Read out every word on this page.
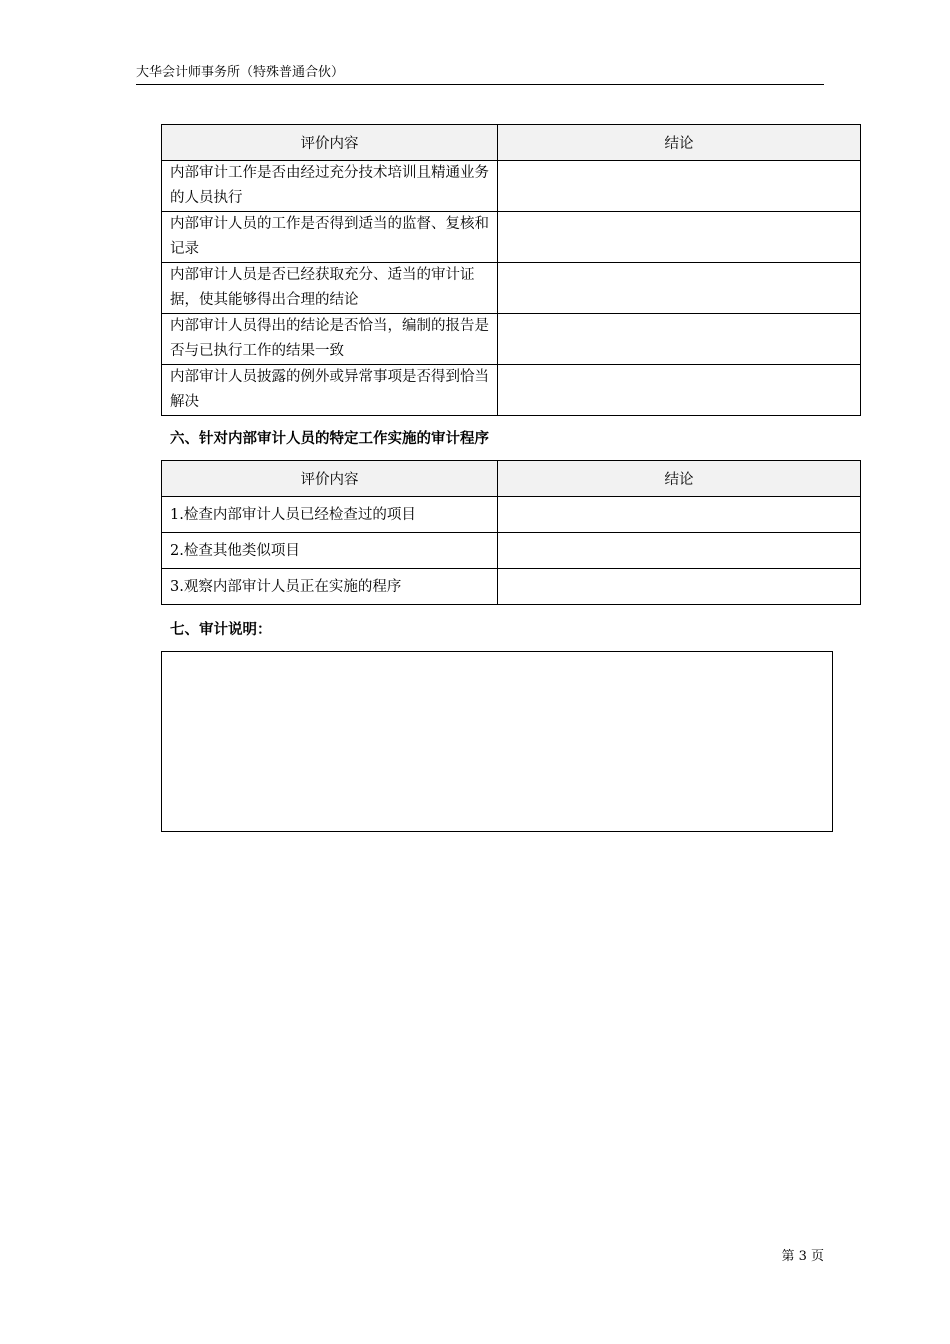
大华会计师事务所（特殊普通合伙）
评价内容	结论
内部审计工作是否由经过充分技术培训且精通业务的人员执行	
内部审计人员的工作是否得到适当的监督、复核和记录	
内部审计人员是否已经获取充分、适当的审计证据，使其能够得出合理的结论	
内部审计人员得出的结论是否恰当，编制的报告是否与已执行工作的结果一致	
内部审计人员披露的例外或异常事项是否得到恰当解决	
六、针对内部审计人员的特定工作实施的审计程序
评价内容	结论
1.检查内部审计人员已经检查过的项目	
2.检查其他类似项目	
3.观察内部审计人员正在实施的程序	
七、审计说明：
第 3 页
